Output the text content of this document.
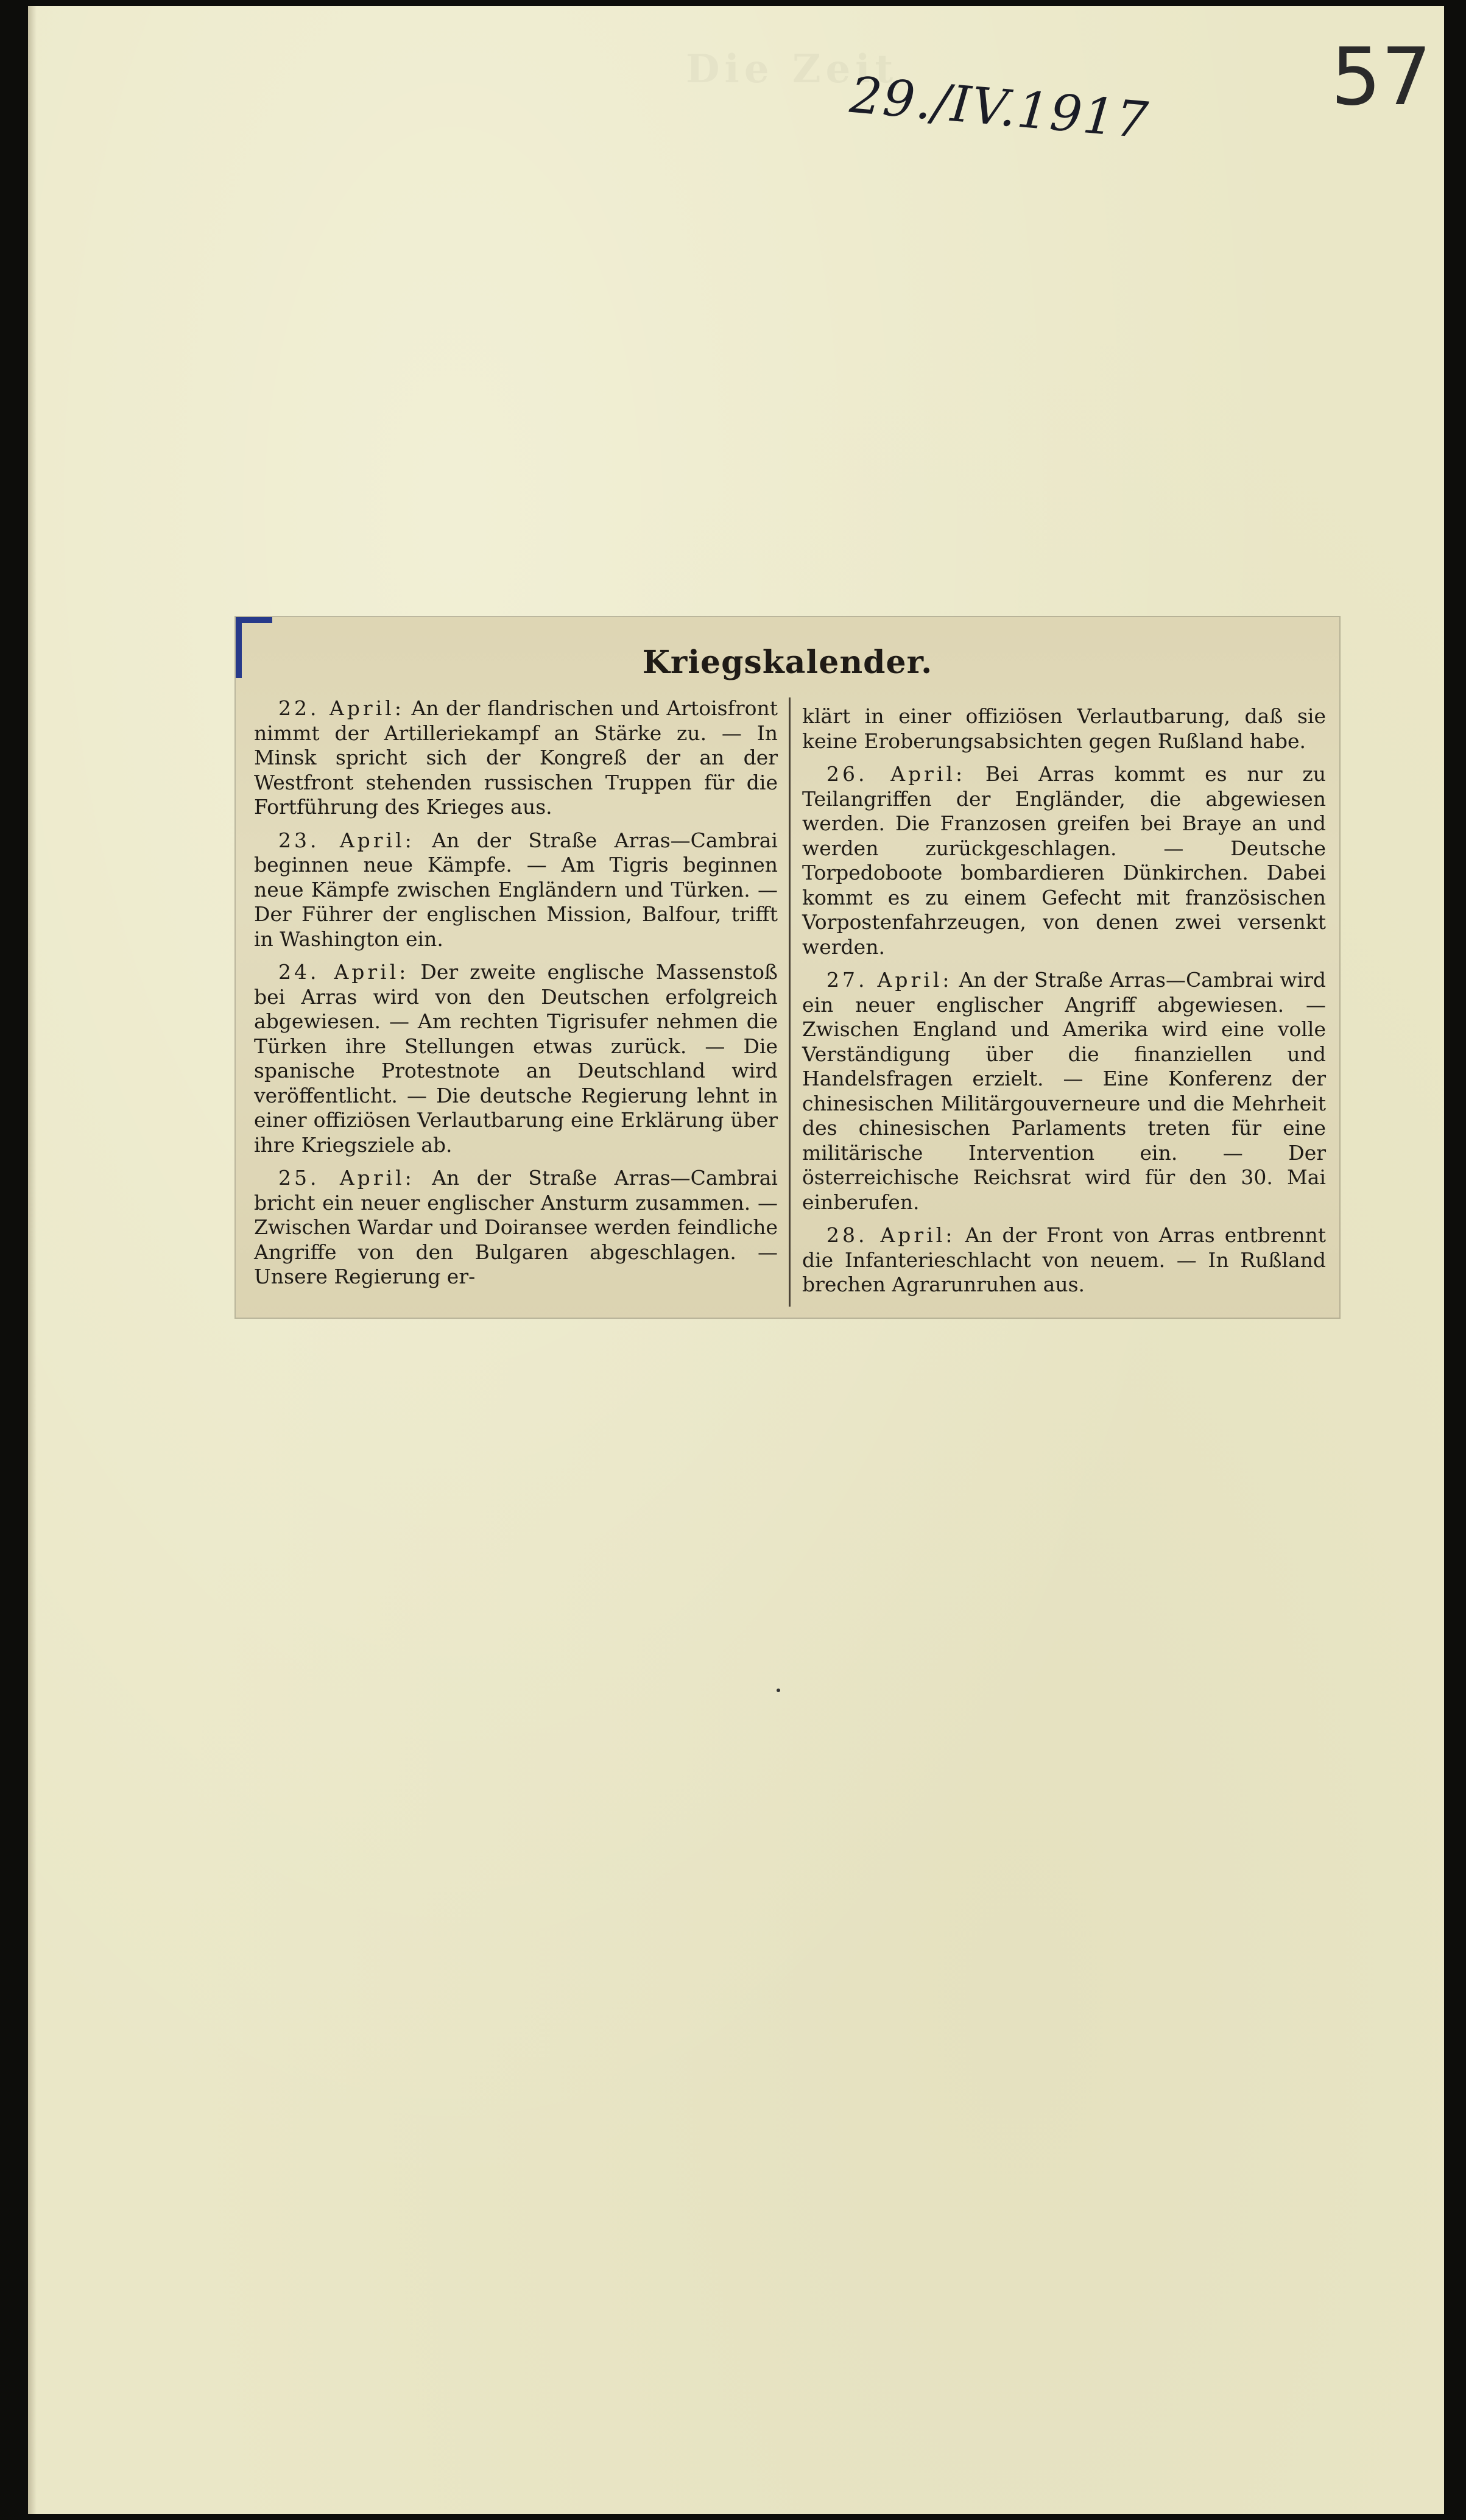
Die Zeit
29./IV.1917 57
Kriegskalender.

22. April: An der flandrischen und Artoisfront nimmt der Artilleriekampf an Stärke zu. — In Minsk spricht sich der Kongreß der an der Westfront stehenden russischen Truppen für die Fortführung des Krieges aus.

23. April: An der Straße Arras—Cambrai beginnen neue Kämpfe. — Am Tigris beginnen neue Kämpfe zwischen Engländern und Türken. — Der Führer der englischen Mission, Balfour, trifft in Washington ein.

24. April: Der zweite englische Massenstoß bei Arras wird von den Deutschen erfolgreich abgewiesen. — Am rechten Tigrisufer nehmen die Türken ihre Stellungen etwas zurück. — Die spanische Protestnote an Deutschland wird veröffentlicht. — Die deutsche Regierung lehnt in einer offiziösen Verlautbarung eine Erklärung über ihre Kriegsziele ab.

25. April: An der Straße Arras—Cambrai bricht ein neuer englischer Ansturm zusammen. — Zwischen Wardar und Doiransee werden feindliche Angriffe von den Bulgaren abgeschlagen. — Unsere Regierung er-

klärt in einer offiziösen Verlautbarung, daß sie keine Eroberungsabsichten gegen Rußland habe.

26. April: Bei Arras kommt es nur zu Teilangriffen der Engländer, die abgewiesen werden. Die Franzosen greifen bei Braye an und werden zurückgeschlagen. — Deutsche Torpedoboote bombardieren Dünkirchen. Dabei kommt es zu einem Gefecht mit französischen Vorpostenfahrzeugen, von denen zwei versenkt werden.

27. April: An der Straße Arras—Cambrai wird ein neuer englischer Angriff abgewiesen. — Zwischen England und Amerika wird eine volle Verständigung über die finanziellen und Handelsfragen erzielt. — Eine Konferenz der chinesischen Militärgouverneure und die Mehrheit des chinesischen Parlaments treten für eine militärische Intervention ein. — Der österreichische Reichsrat wird für den 30. Mai einberufen.

28. April: An der Front von Arras entbrennt die Infanterieschlacht von neuem. — In Rußland brechen Agrarunruhen aus.
